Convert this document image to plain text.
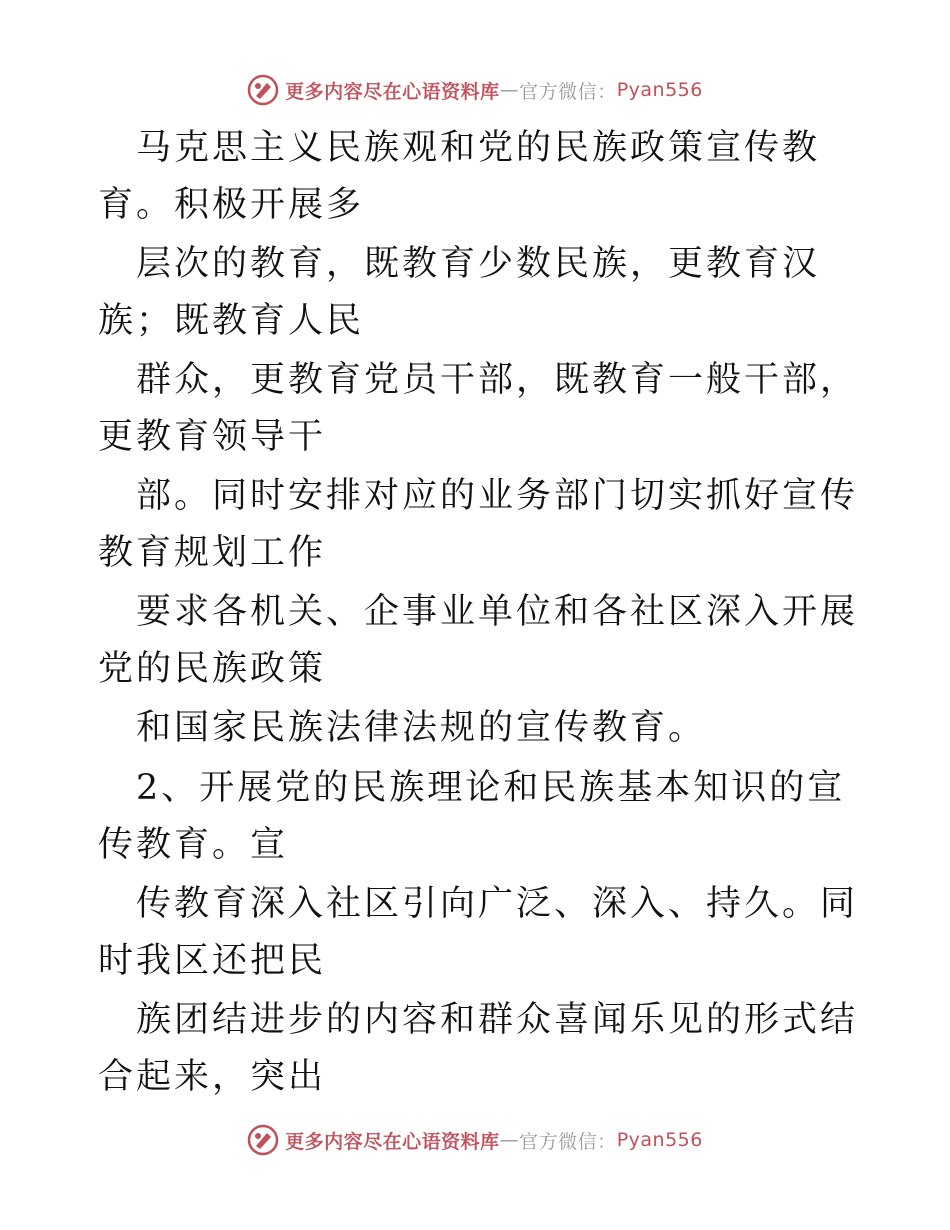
更多内容尽在心语资料库 — 官方微信： Pyan556

马克思主义民族观和党的民族政策宣传教育。积极开展多

层次的教育，既教育少数民族，更教育汉族；既教育人民

群众，更教育党员干部，既教育一般干部，更教育领导干

部。同时安排对应的业务部门切实抓好宣传教育规划工作

要求各机关、企事业单位和各社区深入开展党的民族政策

和国家民族法律法规的宣传教育。

2、开展党的民族理论和民族基本知识的宣传教育。宣

传教育深入社区引向广泛、深入、持久。同时我区还把民

族团结进步的内容和群众喜闻乐见的形式结合起来，突出

更多内容尽在心语资料库 — 官方微信： Pyan556
